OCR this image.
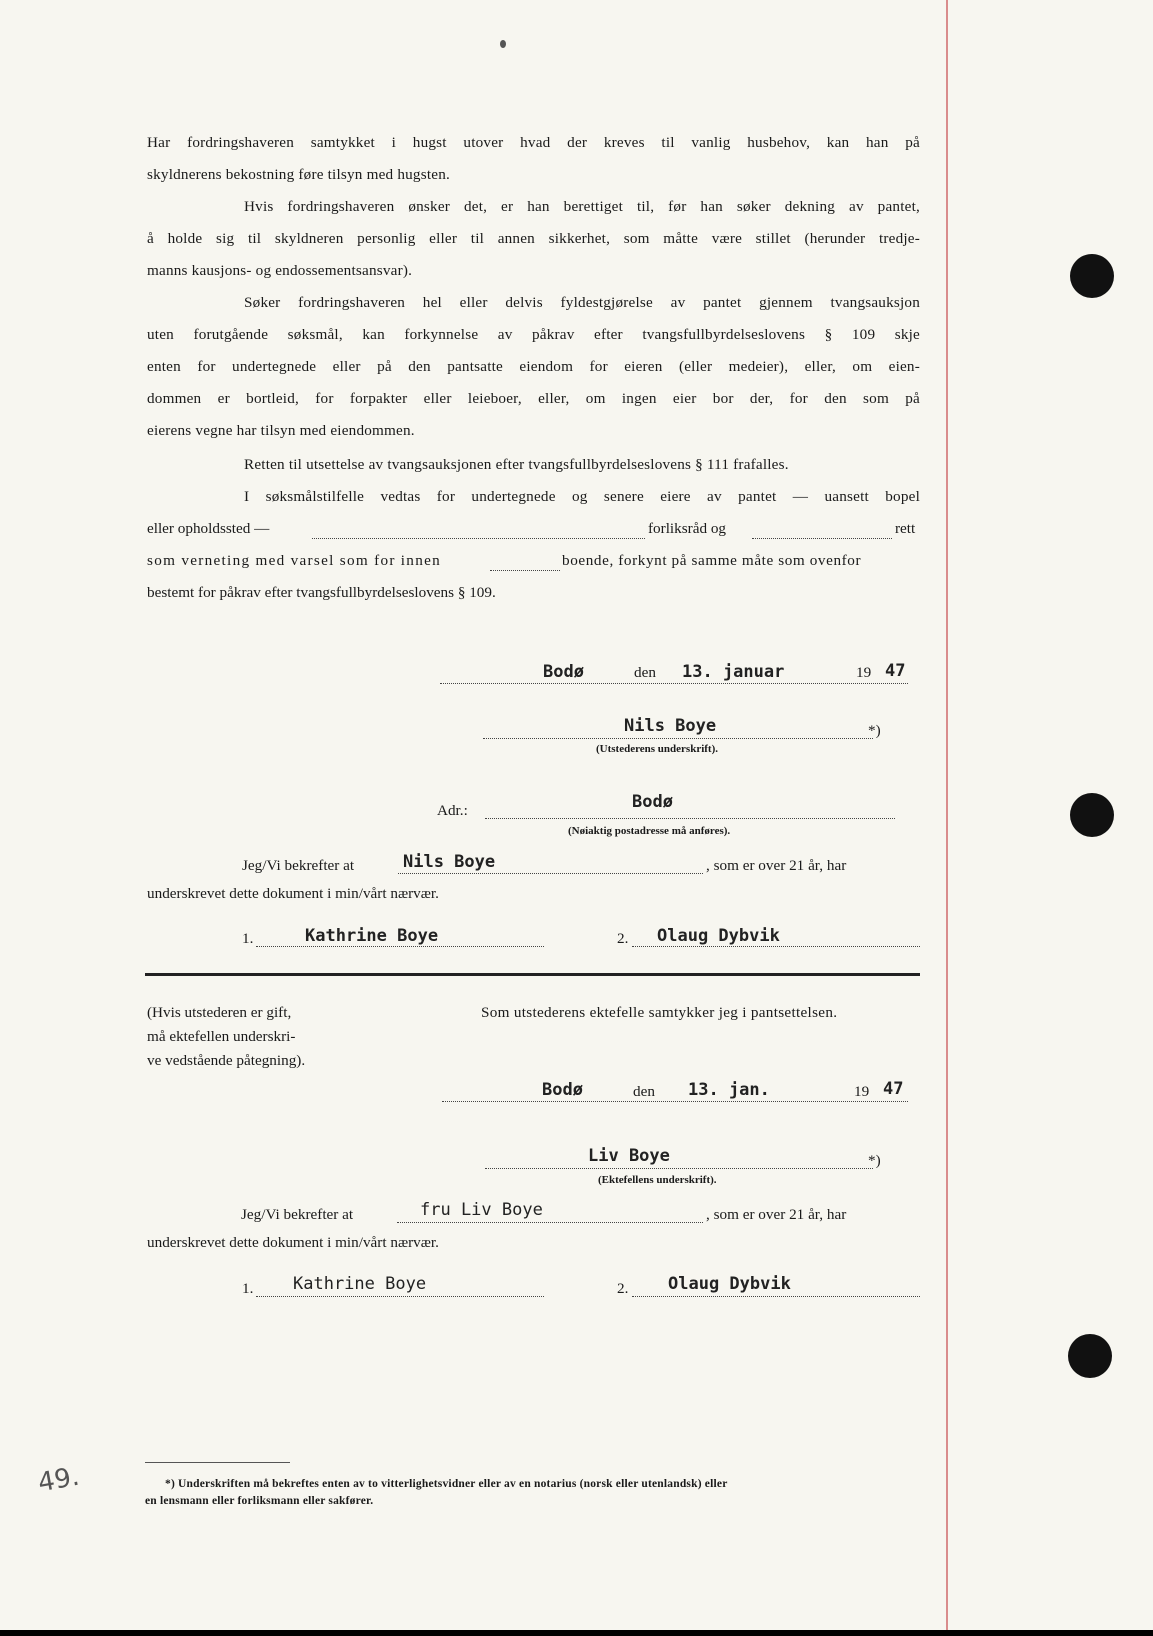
Har fordringshaveren samtykket i hugst utover hvad der kreves til vanlig husbehov, kan han på
skyldnerens bekostning føre tilsyn med hugsten.
Hvis fordringshaveren ønsker det, er han berettiget til, før han søker dekning av pantet,
å holde sig til skyldneren personlig eller til annen sikkerhet, som måtte være stillet (herunder tredje-
manns kausjons- og endossementsansvar).
Søker fordringshaveren hel eller delvis fyldestgjørelse av pantet gjennem tvangsauksjon
uten forutgående søksmål, kan forkynnelse av påkrav efter tvangsfullbyrdelseslovens § 109 skje
enten for undertegnede eller på den pantsatte eiendom for eieren (eller medeier), eller, om eien-
dommen er bortleid, for forpakter eller leieboer, eller, om ingen eier bor der, for den som på
eierens vegne har tilsyn med eiendommen.
Retten til utsettelse av tvangsauksjonen efter tvangsfullbyrdelseslovens § 111 frafalles.
I søksmålstilfelle vedtas for undertegnede og senere eiere av pantet — uansett bopel
eller opholdssted —	forliksråd og	rett
som verneting med varsel som for innen	boende, forkynt på samme måte som ovenfor
bestemt for påkrav efter tvangsfullbyrdelseslovens § 109.
Bodø	den 13. januar	19 47
Nils Boye	*)
(Utstederens underskrift).
Adr.:	Bodø
(Nøiaktig postadresse må anføres).
Jeg/Vi bekrefter at	Nils Boye	, som er over 21 år, har
underskrevet dette dokument i min/vårt nærvær.
1.	Kathrine Boye	2. Olaug Dybvik
(Hvis utstederen er gift,
må ektefellen underskri-
ve vedstående påtegning).
Som utstederens ektefelle samtykker jeg i pantsettelsen.
Bodø	den 13. jan.	19 47
Liv Boye	*)
(Ektefellens underskrift).
Jeg/Vi bekrefter at	fru Liv Boye	, som er over 21 år, har
underskrevet dette dokument i min/vårt nærvær.
1. Kathrine Boye	2. Olaug Dybvik
49.	*) Underskriften må bekreftes enten av to vitterlighetsvidner eller av en notarius (norsk eller utenlandsk) eller
en lensmann eller forliksmann eller sakfører.
